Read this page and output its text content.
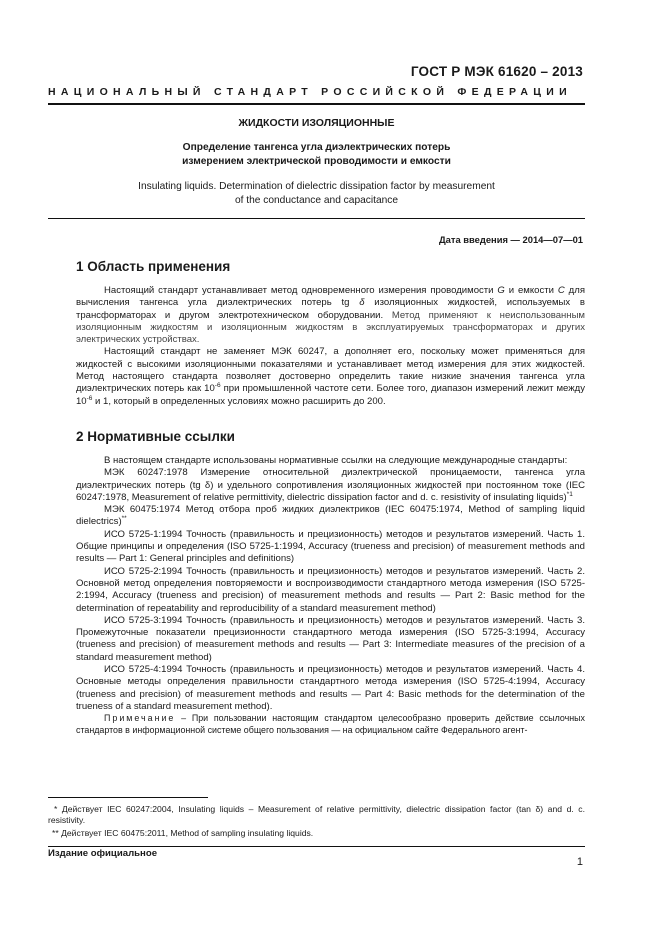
ГОСТ Р МЭК 61620 – 2013
НАЦИОНАЛЬНЫЙ СТАНДАРТ РОССИЙСКОЙ ФЕДЕРАЦИИ
ЖИДКОСТИ ИЗОЛЯЦИОННЫЕ
Определение тангенса угла диэлектрических потерь
измерением электрической проводимости и емкости
Insulating liquids. Determination of dielectric dissipation factor by measurement
of the conductance and capacitance
Дата введения — 2014—07—01
1 Область применения

Настоящий стандарт устанавливает метод одновременного измерения проводимости G и емкости C для вычисления тангенса угла диэлектрических потерь tg δ изоляционных жидкостей, используемых в трансформаторах и другом электротехническом оборудовании. Метод применяют к неиспользованным изоляционным жидкостям и изоляционным жидкостям в эксплуатируемых трансформаторах и других электрических устройствах.

Настоящий стандарт не заменяет МЭК 60247, а дополняет его, поскольку может применяться для жидкостей с высокими изоляционными показателями и устанавливает метод измерения для этих жидкостей. Метод настоящего стандарта позволяет достоверно определить такие низкие значения тангенса угла диэлектрических потерь как $10^{-6}$ при промышленной частоте сети. Более того, диапазон измерений лежит между $10^{-6}$ и 1, который в определенных условиях можно расширить до 200.

2 Нормативные ссылки

В настоящем стандарте использованы нормативные ссылки на следующие международные стандарты:

МЭК 60247:1978 Измерение относительной диэлектрической проницаемости, тангенса угла диэлектрических потерь (tg δ) и удельного сопротивления изоляционных жидкостей при постоянном токе (IEC 60247:1978, Measurement of relative permittivity, dielectric dissipation factor and d. c. resistivity of insulating liquids)$^{*1}$

МЭК 60475:1974 Метод отбора проб жидких диэлектриков (IEC 60475:1974, Method of sampling liquid dielectrics)**

ИСО 5725-1:1994 Точность (правильность и прецизионность) методов и результатов измерений. Часть 1. Общие принципы и определения (ISO 5725-1:1994, Accuracy (trueness and precision) of measurement methods and results — Part 1: General principles and definitions)

ИСО 5725-2:1994 Точность (правильность и прецизионность) методов и результатов измерений. Часть 2. Основной метод определения повторяемости и воспроизводимости стандартного метода измерения (ISO 5725-2:1994, Accuracy (trueness and precision) of measurement methods and results — Part 2: Basic method for the determination of repeatability and reproducibility of a standard measurement method)

ИСО 5725-3:1994 Точность (правильность и прецизионность) методов и результатов измерений. Часть 3. Промежуточные показатели прецизионности стандартного метода измерения (ISO 5725-3:1994, Accuracy (trueness and precision) of measurement methods and results — Part 3: Intermediate measures of the precision of a standard measurement method)

ИСО 5725-4:1994 Точность (правильность и прецизионность) методов и результатов измерений. Часть 4. Основные методы определения правильности стандартного метода измерения (ISO 5725-4:1994, Accuracy (trueness and precision) of measurement methods and results — Part 4: Basic methods for the determination of the trueness of a standard measurement method).

Примечание – При пользовании настоящим стандартом целесообразно проверить действие ссылочных стандартов в информационной системе общего пользования — на официальном сайте Федерального агент-

* Действует IEC 60247:2004, Insulating liquids – Measurement of relative permittivity, dielectric dissipation factor (tan δ) and d. c. resistivity.

** Действует IEC 60475:2011, Method of sampling insulating liquids.

Издание официальное
1
